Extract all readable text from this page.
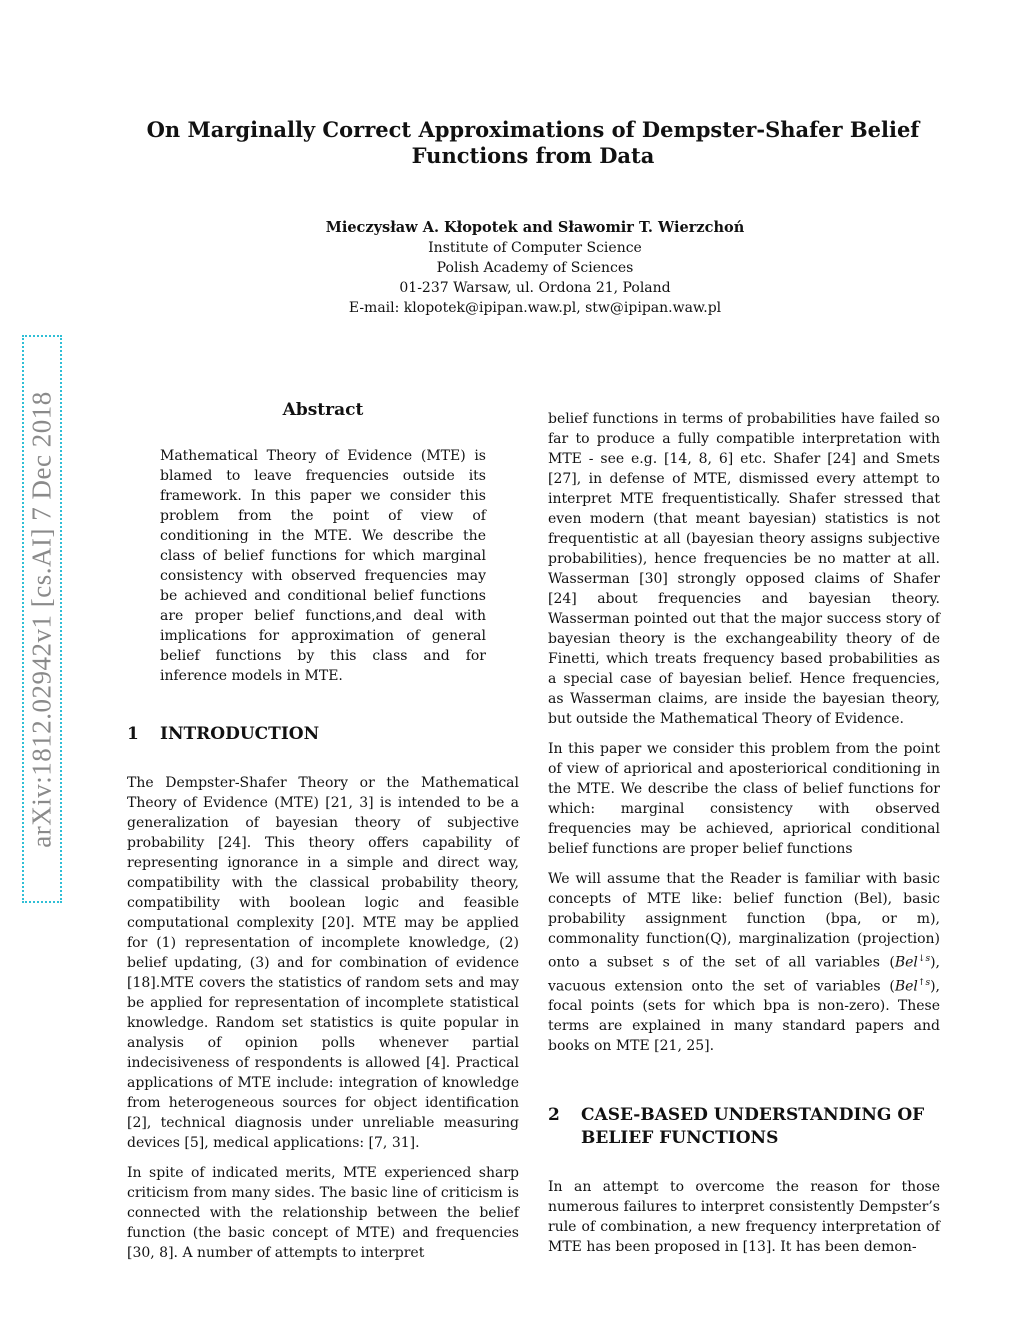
On Marginally Correct Approximations of Dempster-Shafer Belief Functions from Data
Mieczysław A. Kłopotek and Sławomir T. Wierzchoń
Institute of Computer Science
Polish Academy of Sciences
01-237 Warsaw, ul. Ordona 21, Poland
E-mail: klopotek@ipipan.waw.pl, stw@ipipan.waw.pl
arXiv:1812.02942v1 [cs.AI] 7 Dec 2018	Abstract

Mathematical Theory of Evidence (MTE) is blamed to leave frequencies outside its framework. In this paper we consider this problem from the point of view of conditioning in the MTE. We describe the class of belief functions for which marginal consistency with observed frequencies may be achieved and conditional belief functions are proper belief functions,and deal with implications for approximation of general belief functions by this class and for inference models in MTE.

1	INTRODUCTION

The Dempster-Shafer Theory or the Mathematical Theory of Evidence (MTE) [21, 3] is intended to be a generalization of bayesian theory of subjective probability [24]. This theory offers capability of representing ignorance in a simple and direct way, compatibility with the classical probability theory, compatibility with boolean logic and feasible computational complexity [20]. MTE may be applied for (1) representation of incomplete knowledge, (2) belief updating, (3) and for combination of evidence [18].MTE covers the statistics of random sets and may be applied for representation of incomplete statistical knowledge. Random set statistics is quite popular in analysis of opinion polls whenever partial indecisiveness of respondents is allowed [4]. Practical applications of MTE include: integration of knowledge from heterogeneous sources for object identification [2], technical diagnosis under unreliable measuring devices [5], medical applications: [7, 31].

In spite of indicated merits, MTE experienced sharp criticism from many sides. The basic line of criticism is connected with the relationship between the belief function (the basic concept of MTE) and frequencies [30, 8]. A number of attempts to interpret

belief functions in terms of probabilities have failed so far to produce a fully compatible interpretation with MTE - see e.g. [14, 8, 6] etc. Shafer [24] and Smets [27], in defense of MTE, dismissed every attempt to interpret MTE frequentistically. Shafer stressed that even modern (that meant bayesian) statistics is not frequentistic at all (bayesian theory assigns subjective probabilities), hence frequencies be no matter at all. Wasserman [30] strongly opposed claims of Shafer [24] about frequencies and bayesian theory. Wasserman pointed out that the major success story of bayesian theory is the exchangeability theory of de Finetti, which treats frequency based probabilities as a special case of bayesian belief. Hence frequencies, as Wasserman claims, are inside the bayesian theory, but outside the Mathematical Theory of Evidence.

In this paper we consider this problem from the point of view of apriorical and aposteriorical conditioning in the MTE. We describe the class of belief functions for which: marginal consistency with observed frequencies may be achieved, apriorical conditional belief functions are proper belief functions

We will assume that the Reader is familiar with basic concepts of MTE like: belief function (Bel), basic probability assignment function (bpa, or m), commonality function(Q), marginalization (projection) onto a subset s of the set of all variables (Bel$^{↓s}$), vacuous extension onto the set of variables (Bel$^{↑s}$), focal points (sets for which bpa is non-zero). These terms are explained in many standard papers and books on MTE [21, 25].

2	CASE-BASED UNDERSTANDING OF BELIEF FUNCTIONS

In an attempt to overcome the reason for those numerous failures to interpret consistently Dempster’s rule of combination, a new frequency interpretation of MTE has been proposed in [13]. It has been demon-
